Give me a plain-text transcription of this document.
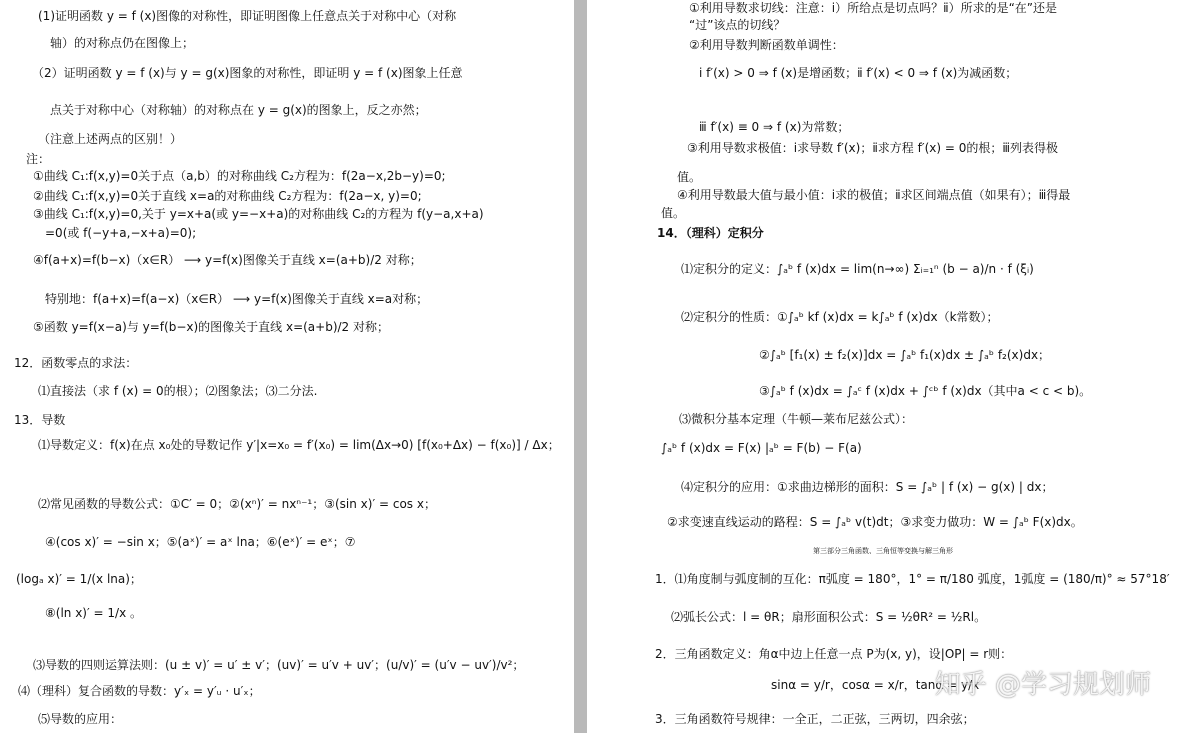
(1)证明函数 y = f (x)图像的对称性，即证明图像上任意点关于对称中心（对称
轴）的对称点仍在图像上；
（2）证明函数 y = f (x)与 y = g(x)图象的对称性，即证明 y = f (x)图象上任意
点关于对称中心（对称轴）的对称点在 y = g(x)的图象上，反之亦然；
（注意上述两点的区别！）
注：
①曲线 C₁:f(x,y)=0关于点（a,b）的对称曲线 C₂方程为：f(2a−x,2b−y)=0;
②曲线 C₁:f(x,y)=0关于直线 x=a的对称曲线 C₂方程为：f(2a−x, y)=0;
③曲线 C₁:f(x,y)=0,关于 y=x+a(或 y=−x+a)的对称曲线 C₂的方程为 f(y−a,x+a)
=0(或 f(−y+a,−x+a)=0);
④f(a+x)=f(b−x)（x∈R） ⟶ y=f(x)图像关于直线 x=(a+b)/2 对称；
特别地：f(a+x)=f(a−x)（x∈R） ⟶ y=f(x)图像关于直线 x=a对称；
⑤函数 y=f(x−a)与 y=f(b−x)的图像关于直线 x=(a+b)/2 对称；
12．函数零点的求法：
⑴直接法（求 f (x) = 0的根）；⑵图象法；⑶二分法.
13．导数
⑴导数定义：f(x)在点 x₀处的导数记作 y′|x=x₀ = f′(x₀) = lim(Δx→0) [f(x₀+Δx) − f(x₀)] / Δx；
⑵常见函数的导数公式：①C′ = 0；②(xⁿ)′ = nxⁿ⁻¹；③(sin x)′ = cos x；
④(cos x)′ = −sin x；⑤(aˣ)′ = aˣ lna；⑥(eˣ)′ = eˣ；⑦
(logₐ x)′ = 1/(x lna)；
⑧(ln x)′ = 1/x 。
⑶导数的四则运算法则：(u ± v)′ = u′ ± v′；(uv)′ = u′v + uv′；(u/v)′ = (u′v − uv′)/v²；
⑷（理科）复合函数的导数：y′ₓ = y′ᵤ · u′ₓ；
⑸导数的应用：
①利用导数求切线：注意：ⅰ）所给点是切点吗？ⅱ）所求的是“在”还是
“过”该点的切线？
②利用导数判断函数单调性：
ⅰ f′(x) > 0 ⇒ f (x)是增函数；ⅱ f′(x) < 0 ⇒ f (x)为减函数；
ⅲ f′(x) ≡ 0 ⇒ f (x)为常数；
③利用导数求极值：ⅰ求导数 f′(x)；ⅱ求方程 f′(x) = 0的根；ⅲ列表得极
值。
④利用导数最大值与最小值：ⅰ求的极值；ⅱ求区间端点值（如果有）；ⅲ得最
值。
14．（理科）定积分
⑴定积分的定义：∫ₐᵇ f (x)dx = lim(n→∞) Σᵢ₌₁ⁿ (b − a)/n · f (ξᵢ)
⑵定积分的性质：①∫ₐᵇ kf (x)dx = k∫ₐᵇ f (x)dx（k常数）；
②∫ₐᵇ [f₁(x) ± f₂(x)]dx = ∫ₐᵇ f₁(x)dx ± ∫ₐᵇ f₂(x)dx；
③∫ₐᵇ f (x)dx = ∫ₐᶜ f (x)dx + ∫ᶜᵇ f (x)dx（其中a < c < b)。
⑶微积分基本定理（牛顿—莱布尼兹公式）：
∫ₐᵇ f (x)dx = F(x) |ₐᵇ = F(b) − F(a)
⑷定积分的应用：①求曲边梯形的面积：S = ∫ₐᵇ | f (x) − g(x) | dx；
②求变速直线运动的路程：S = ∫ₐᵇ v(t)dt；③求变力做功：W = ∫ₐᵇ F(x)dx。
第三部分三角函数、三角恒等变换与解三角形
1．⑴角度制与弧度制的互化：π弧度 = 180°，1° = π/180 弧度，1弧度 = (180/π)° ≈ 57°18′
⑵弧长公式：l = θR；扇形面积公式：S = ½θR² = ½Rl。
2．三角函数定义：角α中边上任意一点 P为(x, y)，设|OP| = r则：
sinα = y/r，cosα = x/r，tanα = y/x
3．三角函数符号规律：一全正，二正弦，三两切，四余弦；
知乎 @学习规划师
